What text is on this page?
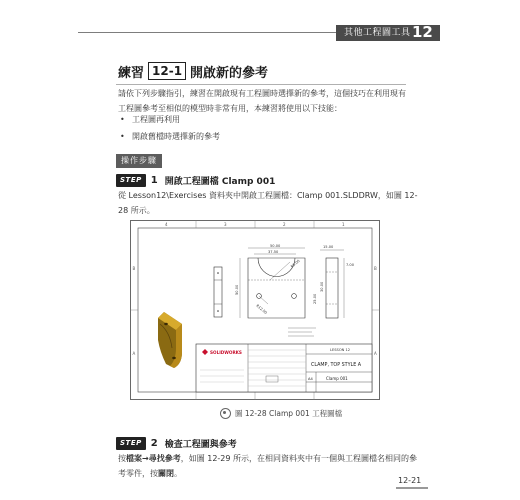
其他工程圖工具 12
練習 12-1 開啟新的參考
請依下列步驟指引，練習在開啟現有工程圖時選擇新的參考，這個技巧在利用現有工程圖參考至相似的模型時非常有用，本練習將使用以下技能：
• 工程圖再利用
• 開啟舊檔時選擇新的參考
操作步驟
STEP 1 開啟工程圖檔 Clamp 001
從 Lesson12\Exercises 資料夾中開啟工程圖檔：Clamp 001.SLDDRW，如圖 12-28 所示。
4	3	2	1
B
A
B
A
50.00
37.50
R5.00
R12.50
50.00
15.00
7.00
25.00
30.00
SOLIDWORKS	LESSON 12
CLAMP, TOP STYLE A
A4	Clamp 001
圖 12-28 Clamp 001 工程圖檔
STEP 2 檢查工程圖與參考
按檔案→尋找參考，如圖 12-29 所示，在相同資料夾中有一個與工程圖檔名相同的參考零件，按關閉。
12-21
